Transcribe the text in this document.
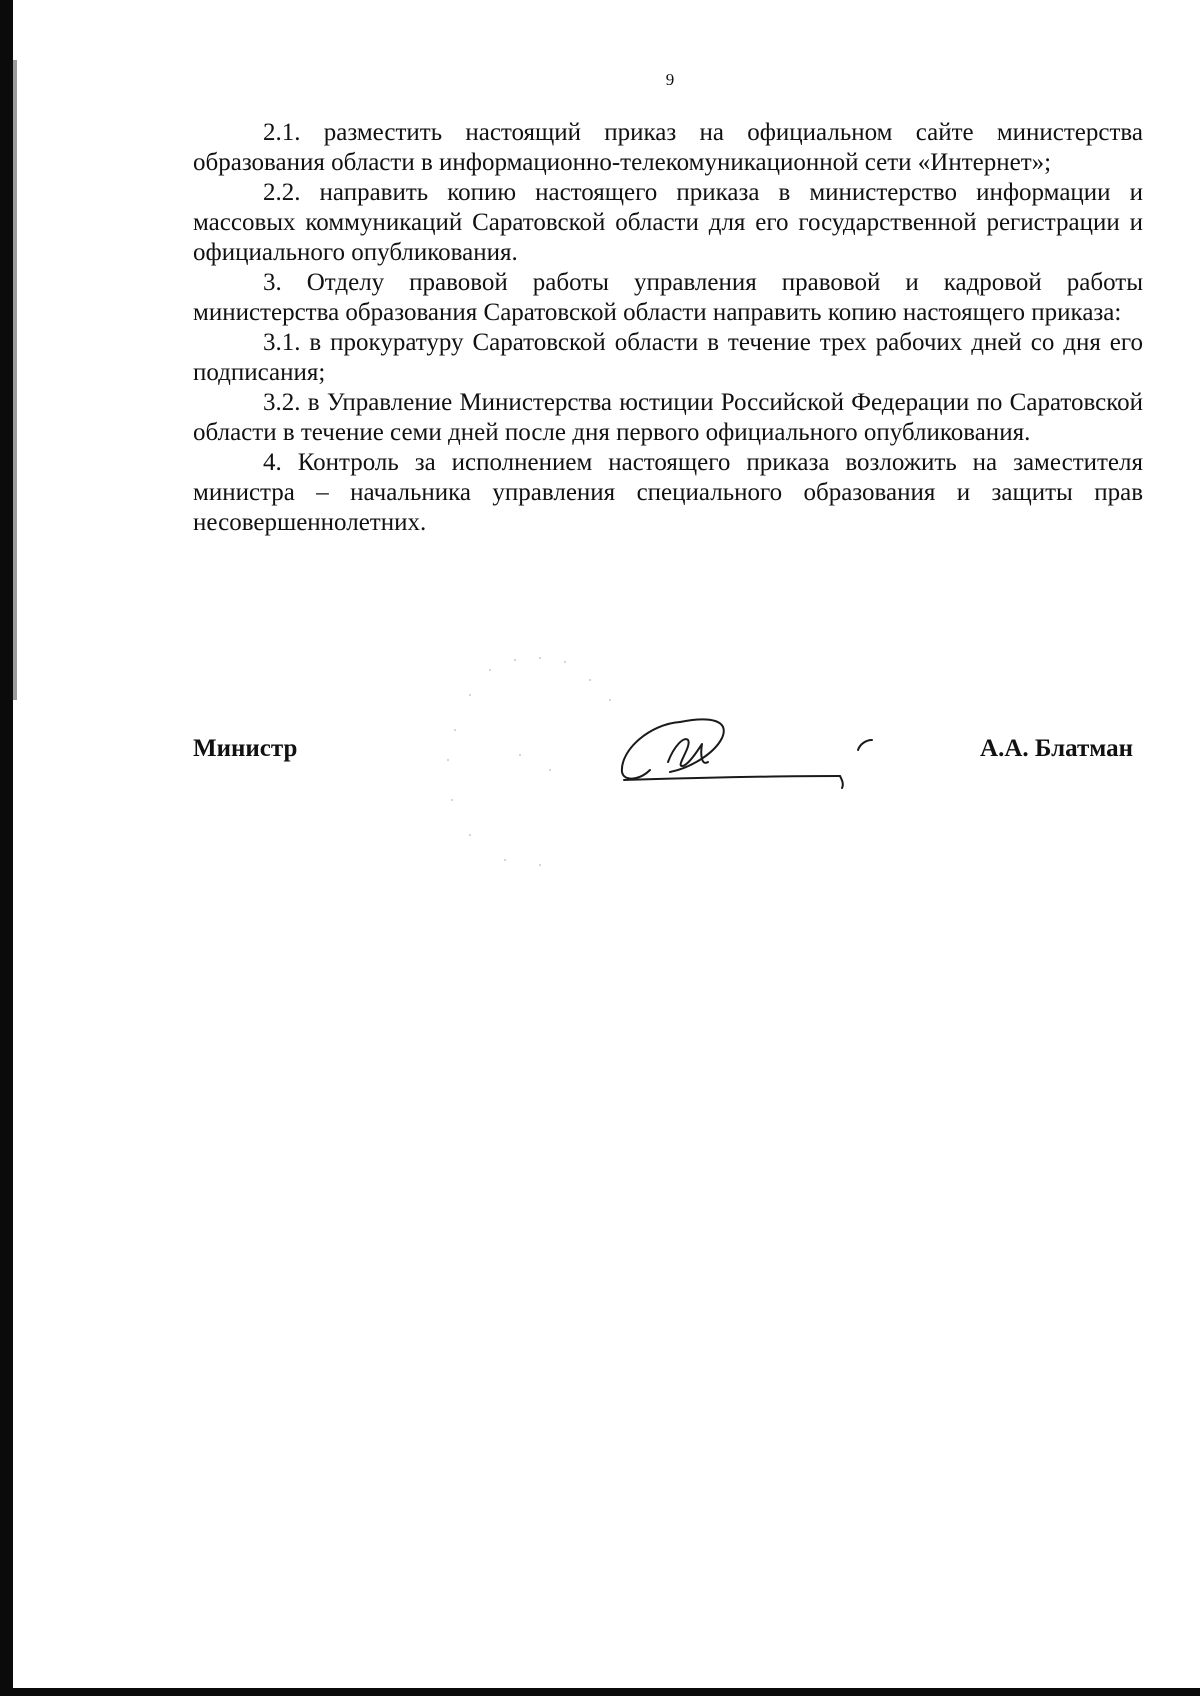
9

2.1. разместить настоящий приказ на официальном сайте министерства образования области в информационно-телекомуникационной сети «Интернет»;

2.2. направить копию настоящего приказа в министерство информации и массовых коммуникаций Саратовской области для его государственной регистрации и официального опубликования.

3. Отделу правовой работы управления правовой и кадровой работы министерства образования Саратовской области направить копию настоящего приказа:

3.1. в прокуратуру Саратовской области в течение трех рабочих дней со дня его подписания;

3.2. в Управление Министерства юстиции Российской Федерации по Саратовской области в течение семи дней после дня первого официального опубликования.

4. Контроль за исполнением настоящего приказа возложить на заместителя министра – начальника управления специального образования и защиты прав несовершеннолетних.

Министр	А.А. Блатман
